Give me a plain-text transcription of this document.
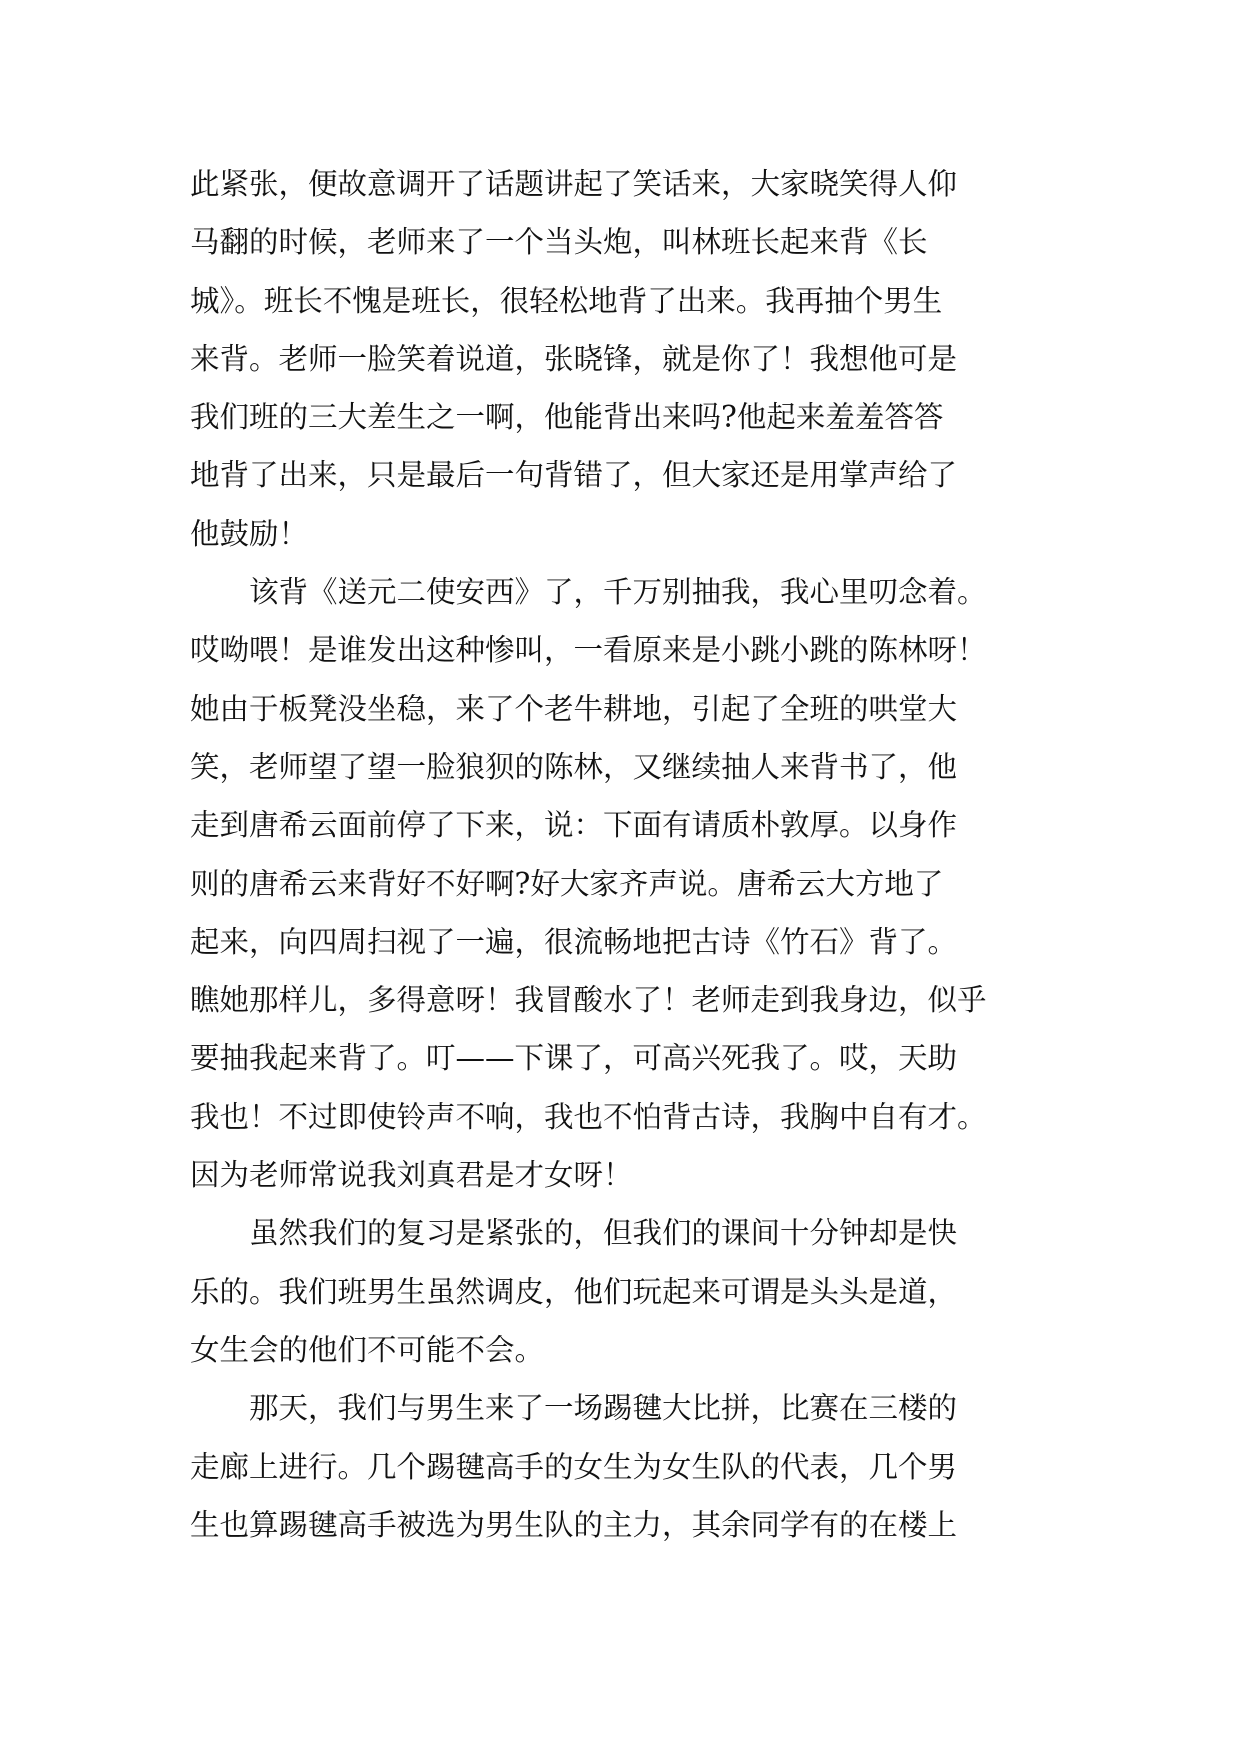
此紧张，便故意调开了话题讲起了笑话来，大家晓笑得人仰
马翻的时候，老师来了一个当头炮，叫林班长起来背《长
城》。班长不愧是班长，很轻松地背了出来。我再抽个男生
来背。老师一脸笑着说道，张晓锋，就是你了！我想他可是
我们班的三大差生之一啊，他能背出来吗?他起来羞羞答答
地背了出来，只是最后一句背错了，但大家还是用掌声给了
他鼓励！
该背《送元二使安西》了，千万别抽我，我心里叨念着。
哎呦喂！是谁发出这种惨叫，一看原来是小跳小跳的陈林呀！
她由于板凳没坐稳，来了个老牛耕地，引起了全班的哄堂大
笑，老师望了望一脸狼狈的陈林，又继续抽人来背书了，他
走到唐希云面前停了下来，说：下面有请质朴敦厚。以身作
则的唐希云来背好不好啊?好大家齐声说。唐希云大方地了
起来，向四周扫视了一遍，很流畅地把古诗《竹石》背了。
瞧她那样儿，多得意呀！我冒酸水了！老师走到我身边，似乎
要抽我起来背了。叮——下课了，可高兴死我了。哎，天助
我也！不过即使铃声不响，我也不怕背古诗，我胸中自有才。
因为老师常说我刘真君是才女呀！
虽然我们的复习是紧张的，但我们的课间十分钟却是快
乐的。我们班男生虽然调皮，他们玩起来可谓是头头是道，
女生会的他们不可能不会。
那天，我们与男生来了一场踢毽大比拼，比赛在三楼的
走廊上进行。几个踢毽高手的女生为女生队的代表，几个男
生也算踢毽高手被选为男生队的主力，其余同学有的在楼上
